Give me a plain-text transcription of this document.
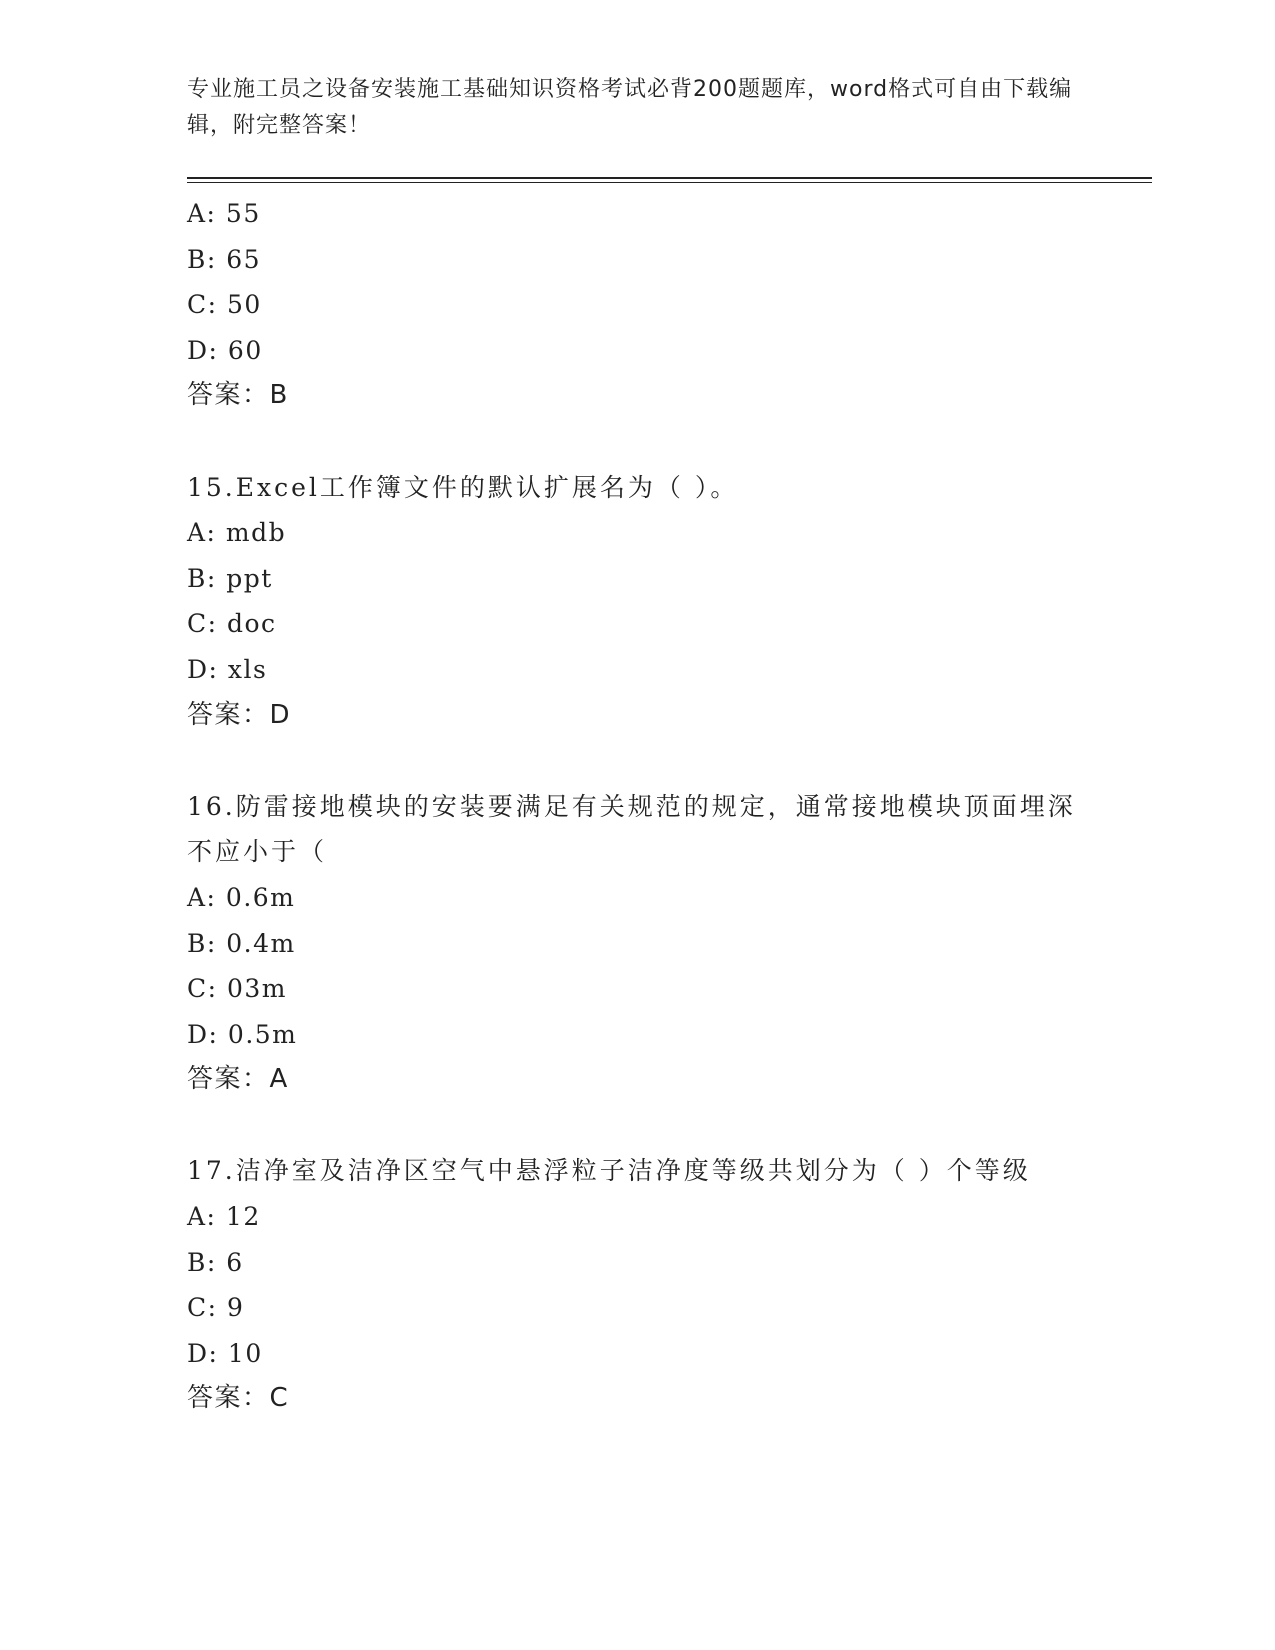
专业施工员之设备安装施工基础知识资格考试必背200题题库，word格式可自由下载编辑，附完整答案！
A: 55
B: 65
C: 50
D: 60
答案：B
15.Excel工作簿文件的默认扩展名为（ ）。
A: mdb
B: ppt
C: doc
D: xls
答案：D
16.防雷接地模块的安装要满足有关规范的规定，通常接地模块顶面埋深不应小于（
A: 0.6m
B: 0.4m
C: 03m
D: 0.5m
答案：A
17.洁净室及洁净区空气中悬浮粒子洁净度等级共划分为（ ）个等级
A: 12
B: 6
C: 9
D: 10
答案：C
